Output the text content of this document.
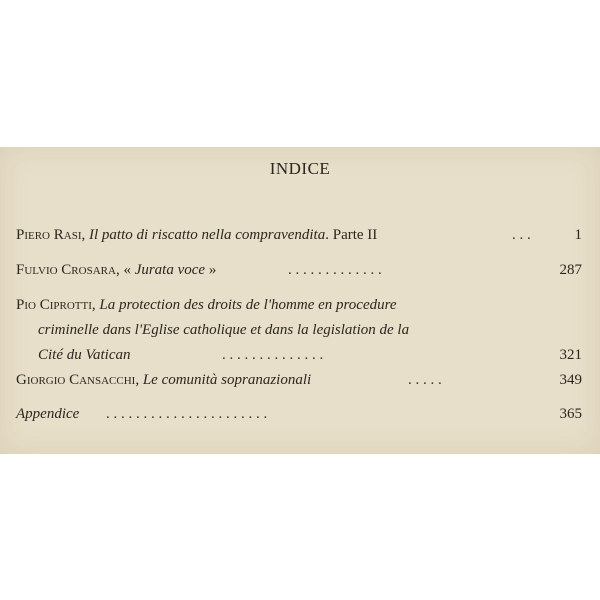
INDICE
Piero Rasi, Il patto di riscatto nella compravendita. Parte II	. . .	1
Fulvio Crosara, « Jurata voce »	. . . . . . . . . . . . .	287
Pio Ciprotti, La protection des droits de l'homme en procedure
criminelle dans l'Eglise catholique et dans la legislation de la
Cité du Vatican	. . . . . . . . . . . . . .	321
Giorgio Cansacchi, Le comunità sopranazionali	. . . . .	349
Appendice . . . . . . . . . . . . . . . . . . . . . .	365
